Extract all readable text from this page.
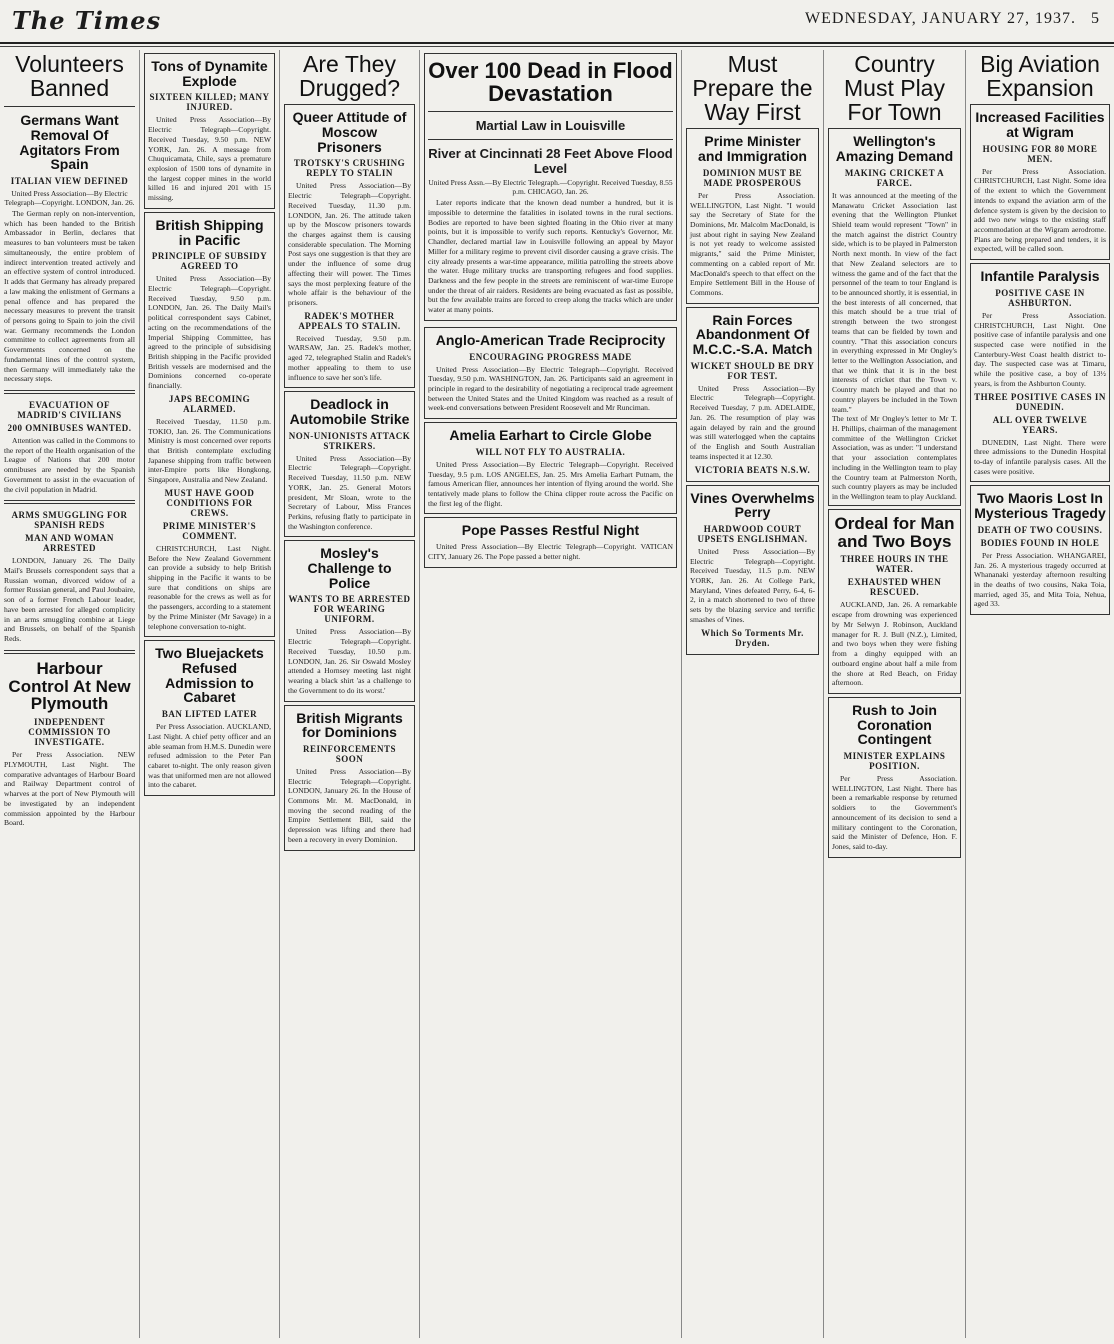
The Times	WEDNESDAY, JANUARY 27, 1937. 5
Volunteers Banned
Germans Want Removal Of Agitators From Spain
ITALIAN VIEW DEFINED
United Press Association—By Electric Telegraph—Copyright. LONDON, Jan. 26.

The German reply on non-intervention, which has been handed to the British Ambassador in Berlin, declares that measures to ban volunteers must be taken simultaneously, the entire problem of indirect intervention treated actively and an effective system of control introduced. It adds that Germany has already prepared a law making the enlistment of Germans a penal offence and has prepared the necessary measures to prevent the transit of persons going to Spain to join the civil war. Germany recommends the London committee to collect agreements from all Governments concerned on the fundamental lines of the control system, then Germany will immediately take the necessary steps.

EVACUATION OF MADRID'S CIVILIANS
200 OMNIBUSES WANTED.

Attention was called in the Commons to the report of the Health organisation of the League of Nations that 200 motor omnibuses are needed by the Spanish Government to assist in the evacuation of the civil population in Madrid.

ARMS SMUGGLING FOR SPANISH REDS
MAN AND WOMAN ARRESTED

LONDON, January 26. The Daily Mail's Brussels correspondent says that a Russian woman, divorced widow of a former Russian general, and Paul Joubaire, son of a former French Labour leader, have been arrested for alleged complicity in an arms smuggling combine at Liege and Brussels, on behalf of the Spanish Reds.

Harbour Control At New Plymouth
INDEPENDENT COMMISSION TO INVESTIGATE.

Per Press Association. NEW PLYMOUTH, Last Night. The comparative advantages of Harbour Board and Railway Department control of wharves at the port of New Plymouth will be investigated by an independent commission appointed by the Harbour Board.

Tons of Dynamite Explode
SIXTEEN KILLED; MANY INJURED.

United Press Association—By Electric Telegraph—Copyright. Received Tuesday, 9.50 p.m. NEW YORK, Jan. 26. A message from Chuquicamata, Chile, says a premature explosion of 1500 tons of dynamite in the largest copper mines in the world killed 16 and injured 201 with 15 missing.

British Shipping in Pacific
PRINCIPLE OF SUBSIDY AGREED TO

United Press Association—By Electric Telegraph—Copyright. Received Tuesday, 9.50 p.m. LONDON, Jan. 26. The Daily Mail's political correspondent says Cabinet, acting on the recommendations of the Imperial Shipping Committee, has agreed to the principle of subsidising British shipping in the Pacific provided British vessels are modernised and the Dominions concerned co-operate financially.

JAPS BECOMING ALARMED.

Received Tuesday, 11.50 p.m. TOKIO, Jan. 26. The Communications Ministry is most concerned over reports that British contemplate excluding Japanese shipping from traffic between inter-Empire ports like Hongkong, Singapore, Australia and New Zealand.

MUST HAVE GOOD CONDITIONS FOR CREWS.
PRIME MINISTER'S COMMENT.

CHRISTCHURCH, Last Night. Before the New Zealand Government can provide a subsidy to help British shipping in the Pacific it wants to be sure that conditions on ships are reasonable for the crews as well as for the passengers, according to a statement by the Prime Minister (Mr Savage) in a telephone conversation to-night.

Two Bluejackets Refused Admission to Cabaret
BAN LIFTED LATER

Per Press Association. AUCKLAND, Last Night. A chief petty officer and an able seaman from H.M.S. Dunedin were refused admission to the Peter Pan cabaret to-night. The only reason given was that uniformed men are not allowed into the cabaret.

Are They Drugged?
Queer Attitude of Moscow Prisoners
TROTSKY'S CRUSHING REPLY TO STALIN

United Press Association—By Electric Telegraph—Copyright. Received Tuesday, 11.30 p.m. LONDON, Jan. 26. The attitude taken up by the Moscow prisoners towards the charges against them is causing considerable speculation. The Morning Post says one suggestion is that they are under the influence of some drug affecting their will power. The Times says the most perplexing feature of the whole affair is the behaviour of the prisoners.

RADEK'S MOTHER APPEALS TO STALIN.

Received Tuesday, 9.50 p.m. WARSAW, Jan. 25. Radek's mother, aged 72, telegraphed Stalin and Radek's mother appealing to them to use influence to save her son's life.

Deadlock in Automobile Strike
NON-UNIONISTS ATTACK STRIKERS.

United Press Association—By Electric Telegraph—Copyright. Received Tuesday, 11.50 p.m. NEW YORK, Jan. 25. General Motors president, Mr Sloan, wrote to the Secretary of Labour, Miss Frances Perkins, refusing flatly to participate in the Washington conference.

Mosley's Challenge to Police
WANTS TO BE ARRESTED FOR WEARING UNIFORM.

United Press Association—By Electric Telegraph—Copyright. Received Tuesday, 10.50 p.m. LONDON, Jan. 26. Sir Oswald Mosley attended a Hornsey meeting last night wearing a black shirt 'as a challenge to the Government to do its worst.'

British Migrants for Dominions
REINFORCEMENTS SOON

United Press Association—By Electric Telegraph—Copyright. LONDON, January 26. In the House of Commons Mr. M. MacDonald, in moving the second reading of the Empire Settlement Bill, said the depression was lifting and there had been a recovery in every Dominion.

Over 100 Dead in Flood Devastation
Martial Law in Louisville
River at Cincinnati 28 Feet Above Flood Level
United Press Assn.—By Electric Telegraph.—Copyright. Received Tuesday, 8.55 p.m. CHICAGO, Jan. 26.

Later reports indicate that the known dead number a hundred, but it is impossible to determine the fatalities in isolated towns in the rural sections. Bodies are reported to have been sighted floating in the Ohio river at many points, but it is impossible to verify such reports. Kentucky's Governor, Mr. Chandler, declared martial law in Louisville following an appeal by Mayor Miller for a military regime to prevent civil disorder causing a grave crisis. The city already presents a war-time appearance, militia patrolling the streets above the water. Huge military trucks are transporting refugees and food supplies. Darkness and the few people in the streets are reminiscent of war-time Europe under the threat of air raiders. Residents are being evacuated as fast as possible, but the few available trains are forced to creep along the tracks which are under water at many points.

Anglo-American Trade Reciprocity
ENCOURAGING PROGRESS MADE

United Press Association—By Electric Telegraph—Copyright. Received Tuesday, 9.50 p.m. WASHINGTON, Jan. 26. Participants said an agreement in principle in regard to the desirability of negotiating a reciprocal trade agreement between the United States and the United Kingdom was reached as a result of week-end conversations between President Roosevelt and Mr Runciman.

Amelia Earhart to Circle Globe
WILL NOT FLY TO AUSTRALIA.

United Press Association—By Electric Telegraph—Copyright. Received Tuesday, 9.5 p.m. LOS ANGELES, Jan. 25. Mrs Amelia Earhart Putnam, the famous American flier, announces her intention of flying around the world. She tentatively made plans to follow the China clipper route across the Pacific on the first leg of the flight.

Pope Passes Restful Night

United Press Association—By Electric Telegraph—Copyright. VATICAN CITY, January 26. The Pope passed a better night.

Must Prepare the Way First
Prime Minister and Immigration
DOMINION MUST BE MADE PROSPEROUS

Per Press Association. WELLINGTON, Last Night. "I would say the Secretary of State for the Dominions, Mr. Malcolm MacDonald, is just about right in saying New Zealand is not yet ready to welcome assisted migrants," said the Prime Minister, commenting on a cabled report of Mr. MacDonald's speech to that effect on the Empire Settlement Bill in the House of Commons.

Rain Forces Abandonment Of M.C.C.-S.A. Match
WICKET SHOULD BE DRY FOR TEST.

United Press Association—By Electric Telegraph—Copyright. Received Tuesday, 7 p.m. ADELAIDE, Jan. 26. The resumption of play was again delayed by rain and the ground was still waterlogged when the captains of the English and South Australian teams inspected it at 12.30.

VICTORIA BEATS N.S.W.
Vines Overwhelms Perry
HARDWOOD COURT UPSETS ENGLISHMAN.

United Press Association—By Electric Telegraph—Copyright. Received Tuesday, 11.5 p.m. NEW YORK, Jan. 26. At College Park, Maryland, Vines defeated Perry, 6-4, 6-2, in a match shortened to two of three sets by the blazing service and terrific smashes of Vines.

Which So Torments Mr. Dryden.
Country Must Play For Town
Wellington's Amazing Demand
MAKING CRICKET A FARCE.
It was announced at the meeting of the Manawatu Cricket Association last evening that the Wellington Plunket Shield team would represent "Town" in the match against the district Country side, which is to be played in Palmerston North next month. In view of the fact that New Zealand selectors are to witness the game and of the fact that the personnel of the team to tour England is to be announced shortly, it is essential, in the best interests of all concerned, that this match should be a true trial of strength between the two strongest teams that can be fielded by town and country. "That this association concurs in everything expressed in Mr Ongley's letter to the Wellington Association, and that we think that it is in the best interests of cricket that the Town v. Country match be played and that no country players be included in the Town team."
The text of Mr Ongley's letter to Mr T. H. Phillips, chairman of the management committee of the Wellington Cricket Association, was as under: "I understand that your association contemplates including in the Wellington team to play the Country team at Palmerston North, such country players as may be included in the Wellington team to play Auckland.
Ordeal for Man and Two Boys
THREE HOURS IN THE WATER.
EXHAUSTED WHEN RESCUED.

AUCKLAND, Jan. 26. A remarkable escape from drowning was experienced by Mr Selwyn J. Robinson, Auckland manager for R. J. Bull (N.Z.), Limited, and two boys when they were fishing from a dinghy equipped with an outboard engine about half a mile from the shore at Red Beach, on Friday afternoon.

Rush to Join Coronation Contingent
MINISTER EXPLAINS POSITION.

Per Press Association. WELLINGTON, Last Night. There has been a remarkable response by returned soldiers to the Government's announcement of its decision to send a military contingent to the Coronation, said the Minister of Defence, Hon. F. Jones, said to-day.

Big Aviation Expansion
Increased Facilities at Wigram
HOUSING FOR 80 MORE MEN.

Per Press Association. CHRISTCHURCH, Last Night. Some idea of the extent to which the Government intends to expand the aviation arm of the defence system is given by the decision to add two new wings to the existing staff accommodation at the Wigram aerodrome. Plans are being prepared and tenders, it is expected, will be called soon.

Infantile Paralysis
POSITIVE CASE IN ASHBURTON.

Per Press Association. CHRISTCHURCH, Last Night. One positive case of infantile paralysis and one suspected case were notified in the Canterbury-West Coast health district to-day. The suspected case was at Timaru, while the positive case, a boy of 13½ years, is from the Ashburton County.

THREE POSITIVE CASES IN DUNEDIN.
ALL OVER TWELVE YEARS.

DUNEDIN, Last Night. There were three admissions to the Dunedin Hospital to-day of infantile paralysis cases. All the cases were positive.

Two Maoris Lost In Mysterious Tragedy
DEATH OF TWO COUSINS.
BODIES FOUND IN HOLE

Per Press Association. WHANGAREI, Jan. 26. A mysterious tragedy occurred at Whananaki yesterday afternoon resulting in the deaths of two cousins, Naka Toia, married, aged 35, and Mita Toia, Nehua, aged 33.
